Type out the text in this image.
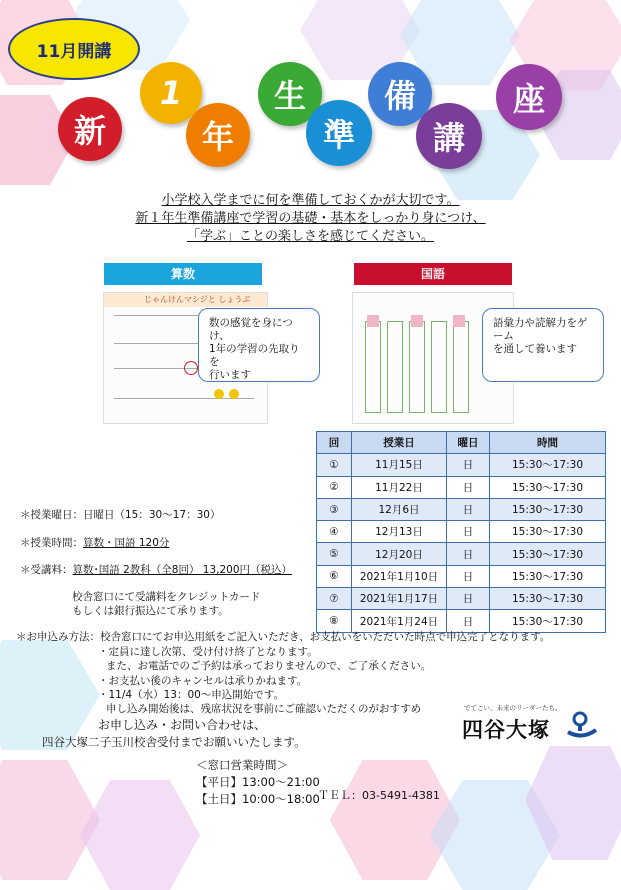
11月開講
新
1
年
生
準
備
講
座
小学校入学までに何を準備しておくかが大切です。
新１年生準備講座で学習の基礎・基本をしっかり身につけ、
「学ぶ」ことの楽しさを感じてください。
算数
じゃんけんマシジと しょうぶ
数の感覚を身につけ、
1年の学習の先取りを
行います
国語
語彙力や読解力をゲーム
を通して養います
回	授業日	曜日	時間
①	11月15日	日	15:30～17:30
②	11月22日	日	15:30～17:30
③	12月6日	日	15:30～17:30
④	12月13日	日	15:30～17:30
⑤	12月20日	日	15:30～17:30
⑥	2021年1月10日	日	15:30～17:30
⑦	2021年1月17日	日	15:30～17:30
⑧	2021年1月24日	日	15:30～17:30
＊授業曜日：日曜日（15：30～17：30）
＊授業時間：算数・国語 120分
＊受講料：算数･国語 2教科（全8回） 13,200円（税込）
校舎窓口にて受講料をクレジットカード
もしくは銀行振込にて承ります。
＊お申込み方法：校舎窓口にてお申込用紙をご記入いただき、お支払いをいただいた時点で申込完了となります。
・定員に達し次第、受け付け終了となります。
また、お電話でのご予約は承っておりませんので、ご了承ください。
・お支払い後のキャンセルは承りかねます。
・11/4（水）13：00～申込開始です。
申し込み開始後は、残席状況を事前にご確認いただくのがおすすめ
お申し込み・お問い合わせは、
四谷大塚二子玉川校舎受付までお願いいたします。
＜窓口営業時間＞
【平日】13:00～21:00
【土日】10:00～18:00
ＴＥＬ：03-5491-4381
でてこい、未来のリーダーたち。
四谷大塚
